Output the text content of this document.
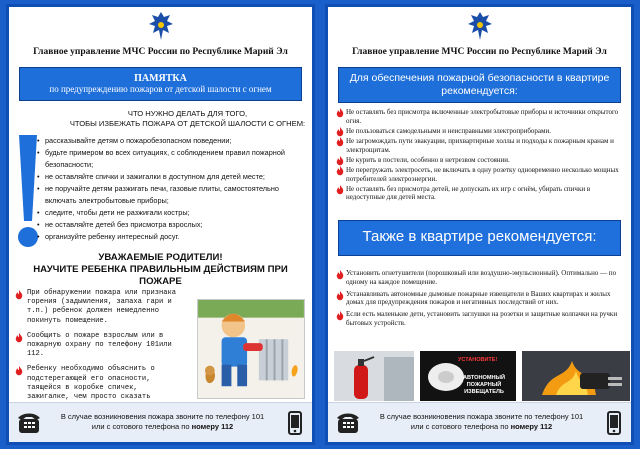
Главное управление МЧС России по Республике Марий Эл
ПАМЯТКА
по предупреждению пожаров от детской шалости с огнем
ЧТО НУЖНО ДЕЛАТЬ ДЛЯ ТОГО,
ЧТОБЫ ИЗБЕЖАТЬ ПОЖАРА ОТ ДЕТСКОЙ ШАЛОСТИ С ОГНЕМ:
• рассказывайте детям о пожаробезопасном поведении;
• будьте примером во всех ситуациях, с соблюдением правил пожарной безопасности;
• не оставляйте спички и зажигалки в доступном для детей месте;
• не поручайте детям разжигать печи, газовые плиты, самостоятельно включать электробытовые приборы;
• следите, чтобы дети не разжигали костры;
• не оставляйте детей без присмотра взрослых;
• организуйте ребенку интересный досуг.
УВАЖАЕМЫЕ РОДИТЕЛИ!
НАУЧИТЕ РЕБЕНКА ПРАВИЛЬНЫМ ДЕЙСТВИЯМ ПРИ ПОЖАРЕ
При обнаружении пожара или признака горения (задымления, запаха гари и т.п.) ребенок должен немедленно покинуть помещение.
Сообщить о пожаре взрослым или в пожарную охрану по телефону 101или 112.
Ребенку необходимо объяснить о подстерегающей его опасности, таящейся в коробке спичек, зажигалке, чем просто сказать
В случае возникновения пожара звоните по телефону 101
или с сотового телефона по номеру 112
Главное управление МЧС России по Республике Марий Эл
Для обеспечения пожарной безопасности в квартире рекомендуется:
Не оставлять без присмотра включенные электробытовые приборы и источники открытого огня.
Не пользоваться самодельными и неисправными электроприборами.
Не загромождать пути эвакуации, прихвартирные холлы и подходы к пожарным кранам и электрощитам.
Не курить в постели, особенно в нетрезвом состоянии.
Не перегружать электросеть, не включать в одну розетку одновременно несколько мощных потребителей электроэнергии.
Не оставлять без присмотра детей, не допускать их игр с огнём, убирать спички в недоступные для детей места.
Также в квартире рекомендуется:
Установить огнетушители (порошковый или воздушно-эмульсионный). Оптимально — по одному на каждое помещение.
Устанавливать автономные дымовые пожарные извещатели в Ваших квартирах и жилых домах для предупреждения пожаров и негативных последствий от них.
Если есть маленькие дети, установить заглушки на розетки и защитные колпачки на ручки бытовых устройств.
УСТАНОВИТЕ!
АВТОНОМНЫЙ ПОЖАРНЫЙ ИЗВЕЩАТЕЛЬ
В случае возникновения пожара звоните по телефону 101
или с сотового телефона по номеру 112
